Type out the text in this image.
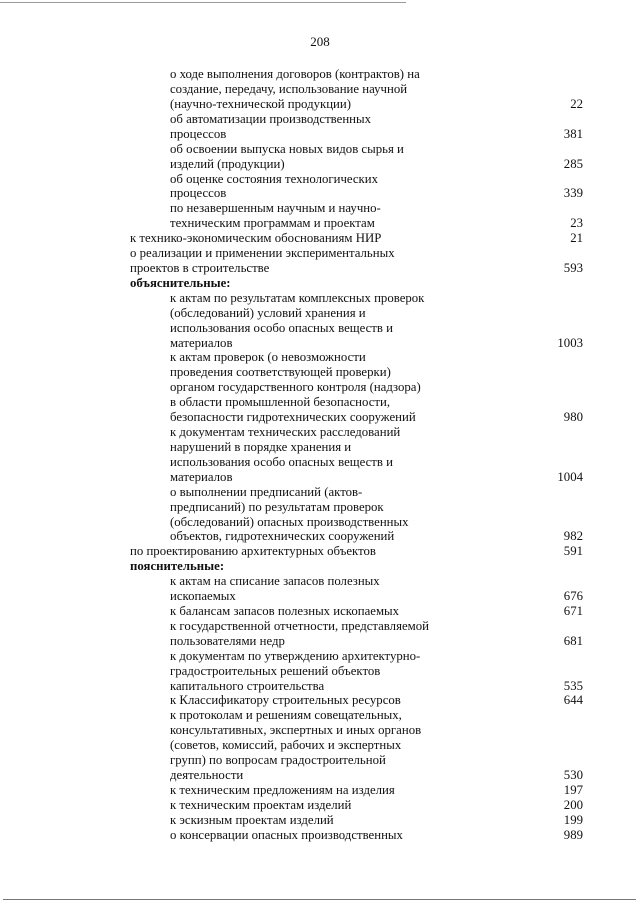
208
о ходе выполнения договоров (контрактов) на
создание, передачу, использование научной
(научно-технической продукции)
об автоматизации производственных
процессов
об освоении выпуска новых видов сырья и
изделий (продукции)
об оценке состояния технологических
процессов
по незавершенным научным и научно-
техническим программам и проектам
к технико-экономическим обоснованиям НИР
о реализации и применении экспериментальных
проектов в строительстве
объяснительные:
к актам по результатам комплексных проверок
(обследований) условий хранения и
использования особо опасных веществ и
материалов
к актам проверок (о невозможности
проведения соответствующей проверки)
органом государственного контроля (надзора)
в области промышленной безопасности,
безопасности гидротехнических сооружений
к документам технических расследований
нарушений в порядке хранения и
использования особо опасных веществ и
материалов
о выполнении предписаний (актов-
предписаний) по результатам проверок
(обследований) опасных производственных
объектов, гидротехнических сооружений
по проектированию архитектурных объектов
пояснительные:
к актам на списание запасов полезных
ископаемых
к балансам запасов полезных ископаемых
к государственной отчетности, представляемой
пользователями недр
к документам по утверждению архитектурно-
градостроительных решений объектов
капитального строительства
к Классификатору строительных ресурсов
к протоколам и решениям совещательных,
консультативных, экспертных и иных органов
(советов, комиссий, рабочих и экспертных
групп) по вопросам градостроительной
деятельности
к техническим предложениям на изделия
к техническим проектам изделий
к эскизным проектам изделий
о консервации опасных производственных
22
381
285
339
23
21
593
1003
980
1004
982
591
676
671
681
535
644
530
197
200
199
989
